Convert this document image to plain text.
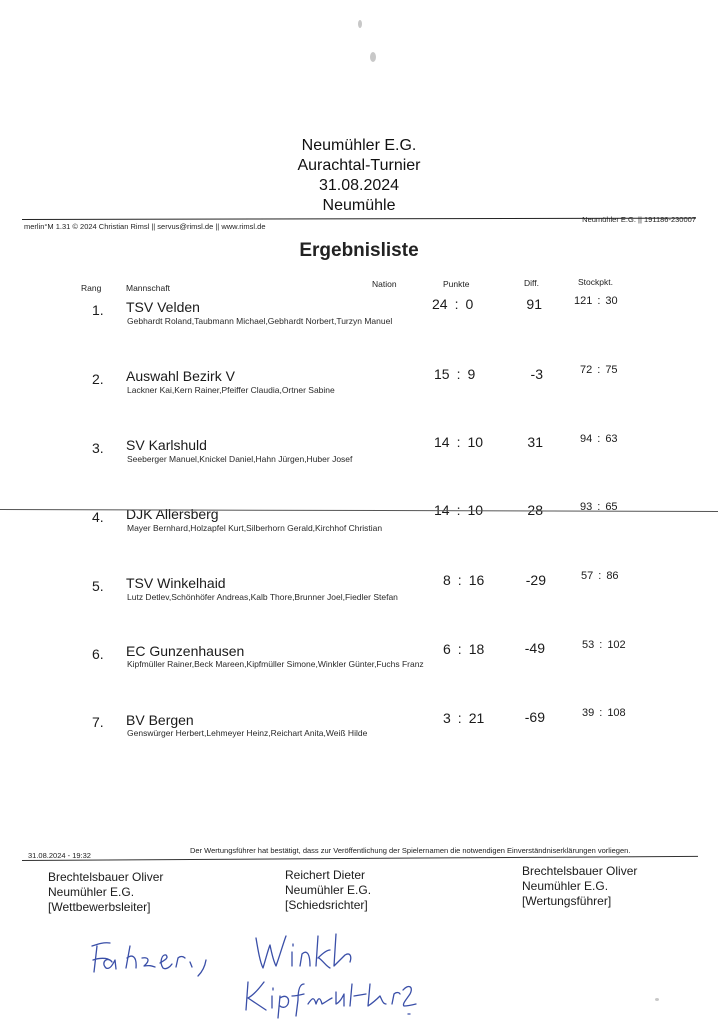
Neumühler E.G.
Aurachtal-Turnier
31.08.2024
Neumühle
Neumühler E.G. || 191186-230007
merlin°M 1.31 © 2024 Christian Rimsl || servus@rimsl.de || www.rimsl.de
Ergebnisliste
Rang	Mannschaft	Nation	Punkte	Diff.	Stockpkt.
1. TSV Velden
Gebhardt Roland,Taubmann Michael,Gebhardt Norbert,Turzyn Manuel
24 : 0	91	121 : 30
2. Auswahl Bezirk V
Lackner Kai,Kern Rainer,Pfeiffer Claudia,Ortner Sabine
15 : 9	-3	72 : 75
3. SV Karlshuld
Seeberger Manuel,Knickel Daniel,Hahn Jürgen,Huber Josef
14 : 10	31	94 : 63
4. DJK Allersberg
Mayer Bernhard,Holzapfel Kurt,Silberhorn Gerald,Kirchhof Christian
14 : 10	28	93 : 65
5. TSV Winkelhaid
Lutz Detlev,Schönhöfer Andreas,Kalb Thore,Brunner Joel,Fiedler Stefan
8 : 16	-29	57 : 86
6. EC Gunzenhausen
Kipfmüller Rainer,Beck Mareen,Kipfmüller Simone,Winkler Günter,Fuchs Franz
6 : 18	-49	53 : 102
7. BV Bergen
Genswürger Herbert,Lehmeyer Heinz,Reichart Anita,Weiß Hilde
3 : 21	-69	39 : 108
Der Wertungsführer hat bestätigt, dass zur Veröffentlichung der Spielernamen die notwendigen Einverständniserklärungen vorliegen.
31.08.2024 - 19:32
Brechtelsbauer Oliver
Neumühler E.G.
[Wettbewerbsleiter]
Reichert Dieter
Neumühler E.G.
[Schiedsrichter]
Brechtelsbauer Oliver
Neumühler E.G.
[Wertungsführer]
